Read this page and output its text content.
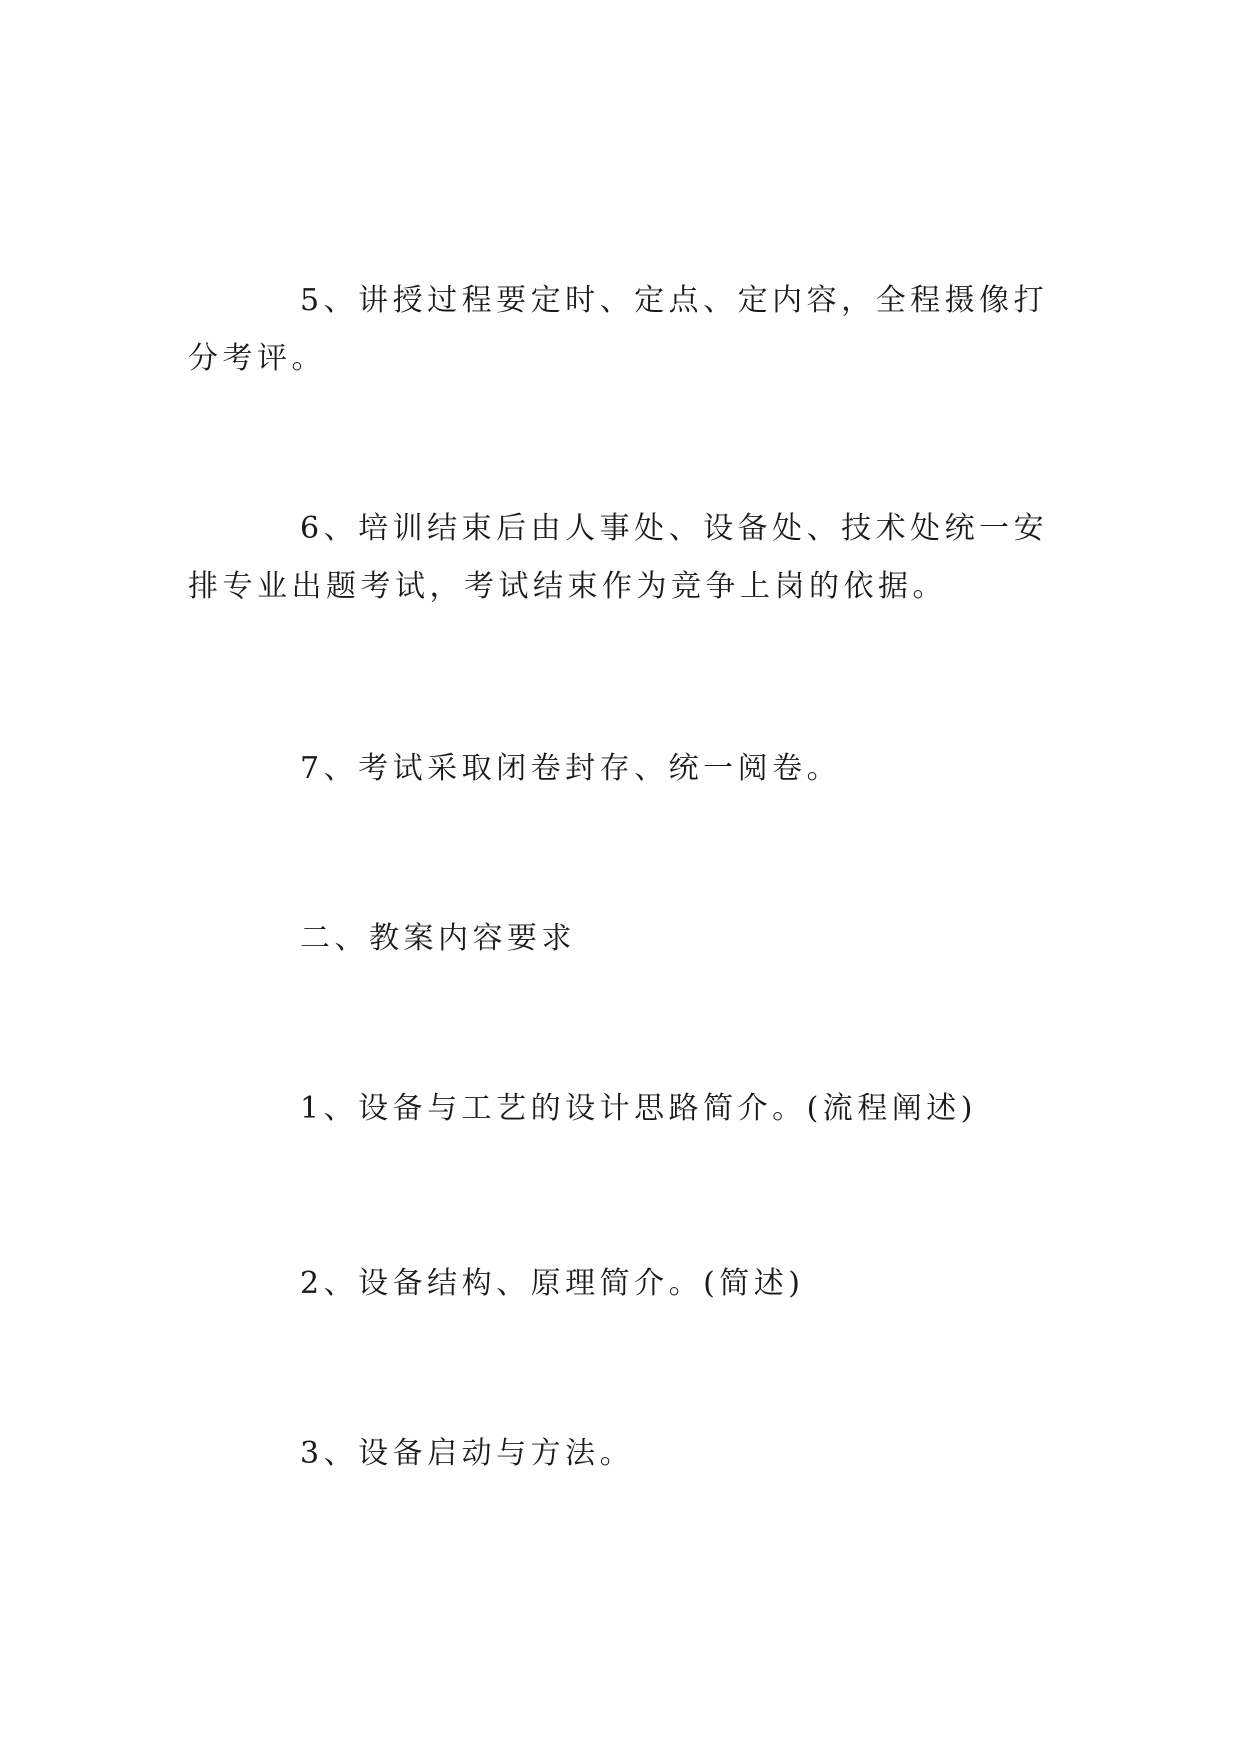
5、讲授过程要定时、定点、定内容，全程摄像打分考评。

6、培训结束后由人事处、设备处、技术处统一安排专业出题考试，考试结束作为竞争上岗的依据。

7、考试采取闭卷封存、统一阅卷。

二、教案内容要求

1、设备与工艺的设计思路简介。(流程阐述)

2、设备结构、原理简介。(简述)

3、设备启动与方法。
